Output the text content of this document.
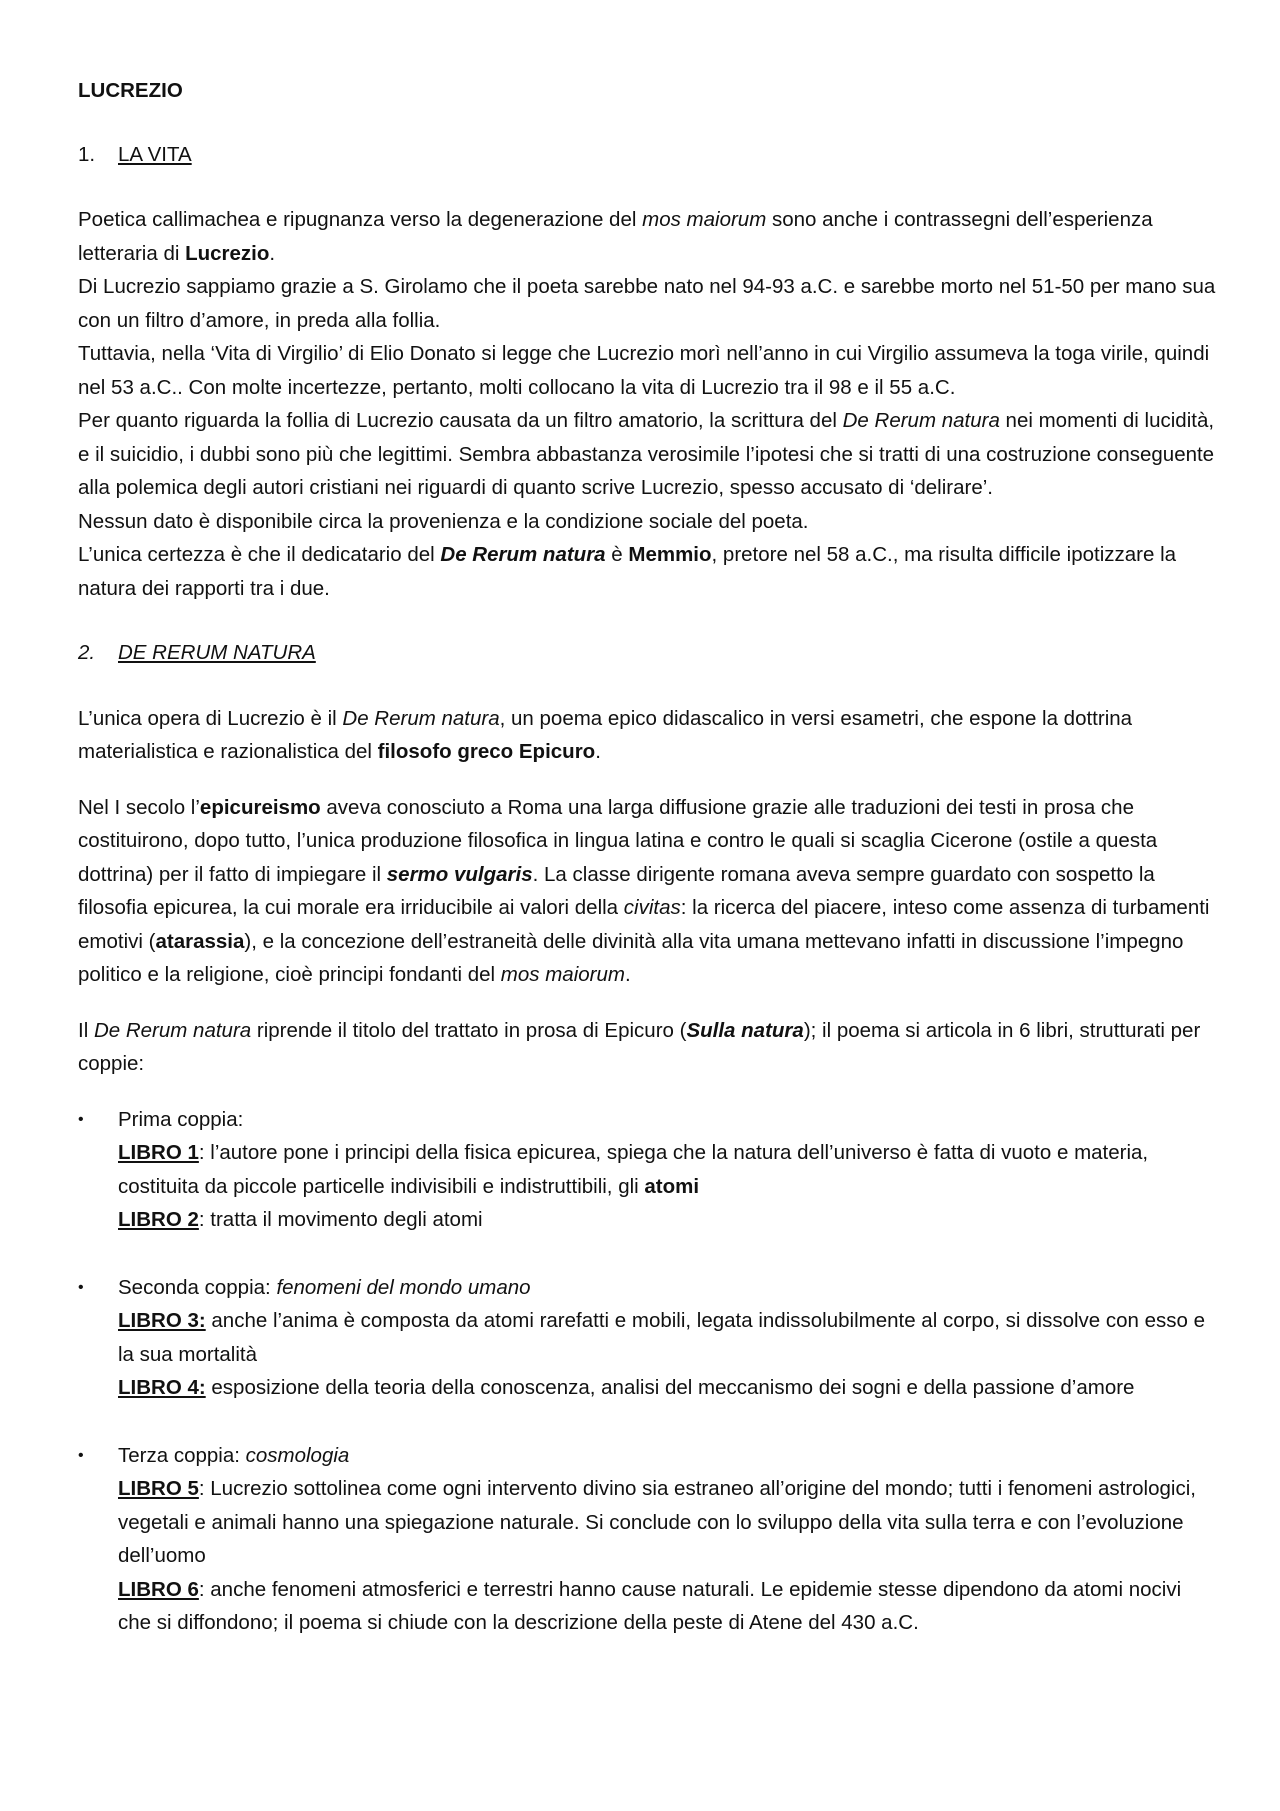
LUCREZIO
1.	LA VITA

Poetica callimachea e ripugnanza verso la degenerazione del mos maiorum sono anche i contrassegni dell’esperienza letteraria di Lucrezio.

Di Lucrezio sappiamo grazie a S. Girolamo che il poeta sarebbe nato nel 94-93 a.C. e sarebbe morto nel 51-50 per mano sua con un filtro d’amore, in preda alla follia.

Tuttavia, nella ‘Vita di Virgilio’ di Elio Donato si legge che Lucrezio morì nell’anno in cui Virgilio assumeva la toga virile, quindi nel 53 a.C.. Con molte incertezze, pertanto, molti collocano la vita di Lucrezio tra il 98 e il 55 a.C.

Per quanto riguarda la follia di Lucrezio causata da un filtro amatorio, la scrittura del De Rerum natura nei momenti di lucidità, e il suicidio, i dubbi sono più che legittimi. Sembra abbastanza verosimile l’ipotesi che si tratti di una costruzione conseguente alla polemica degli autori cristiani nei riguardi di quanto scrive Lucrezio, spesso accusato di ‘delirare’.

Nessun dato è disponibile circa la provenienza e la condizione sociale del poeta.

L’unica certezza è che il dedicatario del De Rerum natura è Memmio, pretore nel 58 a.C., ma risulta difficile ipotizzare la natura dei rapporti tra i due.

2.	DE RERUM NATURA

L’unica opera di Lucrezio è il De Rerum natura, un poema epico didascalico in versi esametri, che espone la dottrina materialistica e razionalistica del filosofo greco Epicuro.

Nel I secolo l’epicureismo aveva conosciuto a Roma una larga diffusione grazie alle traduzioni dei testi in prosa che costituirono, dopo tutto, l’unica produzione filosofica in lingua latina e contro le quali si scaglia Cicerone (ostile a questa dottrina) per il fatto di impiegare il sermo vulgaris. La classe dirigente romana aveva sempre guardato con sospetto la filosofia epicurea, la cui morale era irriducibile ai valori della civitas: la ricerca del piacere, inteso come assenza di turbamenti emotivi (atarassia), e la concezione dell’estraneità delle divinità alla vita umana mettevano infatti in discussione l’impegno politico e la religione, cioè principi fondanti del mos maiorum.

Il De Rerum natura riprende il titolo del trattato in prosa di Epicuro (Sulla natura); il poema si articola in 6 libri, strutturati per coppie:

•	Prima coppia:
LIBRO 1: l’autore pone i principi della fisica epicurea, spiega che la natura dell’universo è fatta di vuoto e materia, costituita da piccole particelle indivisibili e indistruttibili, gli atomi
LIBRO 2: tratta il movimento degli atomi
•	Seconda coppia: fenomeni del mondo umano
LIBRO 3: anche l’anima è composta da atomi rarefatti e mobili, legata indissolubilmente al corpo, si dissolve con esso e la sua mortalità
LIBRO 4: esposizione della teoria della conoscenza, analisi del meccanismo dei sogni e della passione d’amore
•	Terza coppia: cosmologia
LIBRO 5: Lucrezio sottolinea come ogni intervento divino sia estraneo all’origine del mondo; tutti i fenomeni astrologici, vegetali e animali hanno una spiegazione naturale. Si conclude con lo sviluppo della vita sulla terra e con l’evoluzione dell’uomo
LIBRO 6: anche fenomeni atmosferici e terrestri hanno cause naturali. Le epidemie stesse dipendono da atomi nocivi che si diffondono; il poema si chiude con la descrizione della peste di Atene del 430 a.C.
